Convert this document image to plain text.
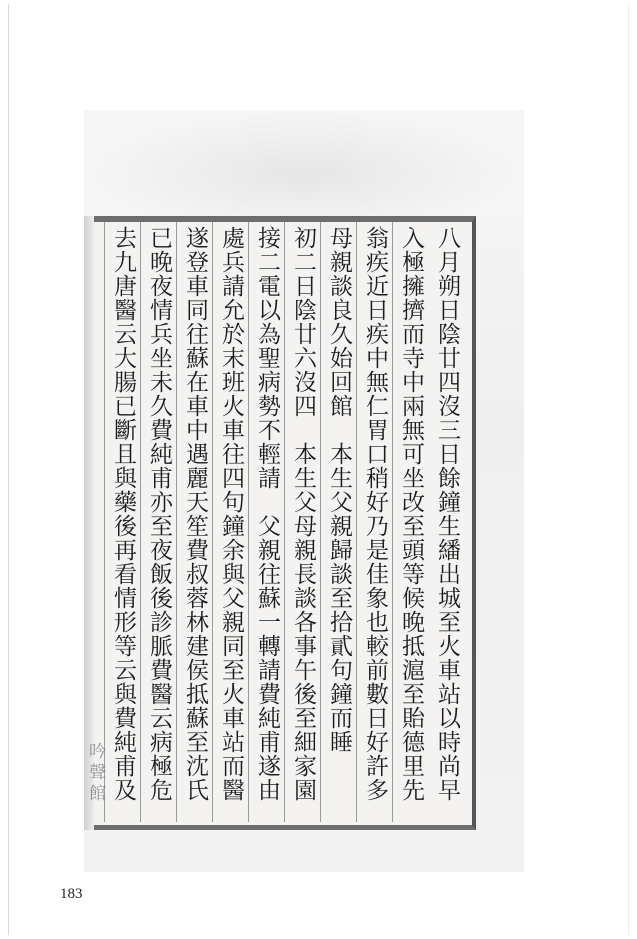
八月朔日陰廿四沒三日餘鐘生繙出城至火車站以時尚早
入極擁擠而寺中兩無可坐改至頭等候晚抵滬至貽德里先
翁疾近日疾中無仁胃口稍好乃是佳象也較前數日好許多
母親談良久始回館　本生父親歸談至拾貳句鐘而睡
初二日陰廿六沒四　本生父母親長談各事午後至細家園
接二電以為聖病勢不輕請　父親往蘇一轉請費純甫遂由
處兵請允於末班火車往四句鐘余與父親同至火車站而醫
遂登車同往蘇在車中遇麗天笙費叔蓉林建侯抵蘇至沈氏
已晚夜情兵坐未久費純甫亦至夜飯後診脈費醫云病極危
去九唐醫云大腸已斷且與藥後再看情形等云與費純甫及
吟聲館
183
